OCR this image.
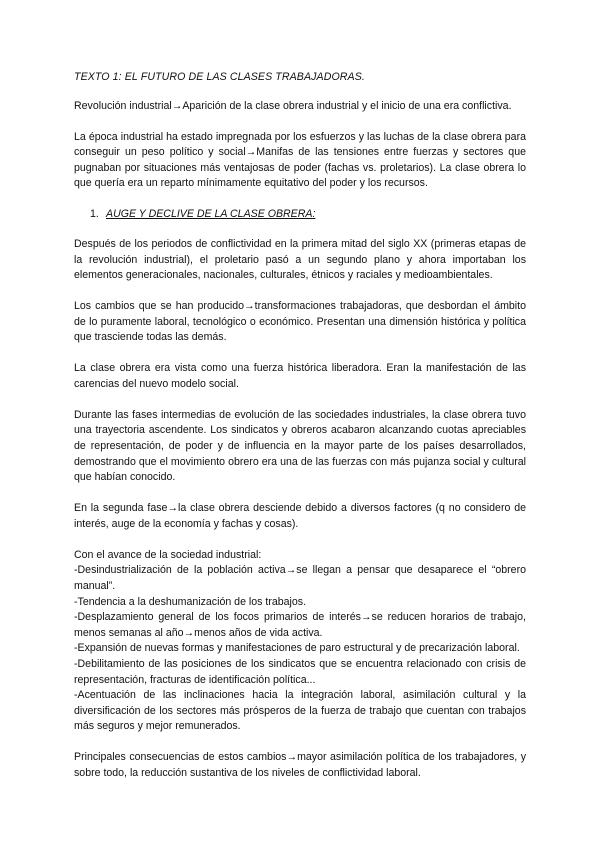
TEXTO 1: EL FUTURO DE LAS CLASES TRABAJADORAS.

Revolución industrial→Aparición de la clase obrera industrial y el inicio de una era conflictiva.

La época industrial ha estado impregnada por los esfuerzos y las luchas de la clase obrera para conseguir un peso político y social→Manifas de las tensiones entre fuerzas y sectores que pugnaban por situaciones más ventajosas de poder (fachas vs. proletarios). La clase obrera lo que quería era un reparto mínimamente equitativo del poder y los recursos.

1. AUGE Y DECLIVE DE LA CLASE OBRERA:

Después de los periodos de conflictividad en la primera mitad del siglo XX (primeras etapas de la revolución industrial), el proletario pasó a un segundo plano y ahora importaban los elementos generacionales, nacionales, culturales, étnicos y raciales y medioambientales.

Los cambios que se han producido→transformaciones trabajadoras, que desbordan el ámbito de lo puramente laboral, tecnológico o económico. Presentan una dimensión histórica y política que trasciende todas las demás.

La clase obrera era vista como una fuerza histórica liberadora. Eran la manifestación de las carencias del nuevo modelo social.

Durante las fases intermedias de evolución de las sociedades industriales, la clase obrera tuvo una trayectoria ascendente. Los sindicatos y obreros acabaron alcanzando cuotas apreciables de representación, de poder y de influencia en la mayor parte de los países desarrollados, demostrando que el movimiento obrero era una de las fuerzas con más pujanza social y cultural que habían conocido.

En la segunda fase→la clase obrera desciende debido a diversos factores (q no considero de interés, auge de la economía y fachas y cosas).

Con el avance de la sociedad industrial:

-Desindustrialización de la población activa→se llegan a pensar que desaparece el “obrero manual”.

-Tendencia a la deshumanización de los trabajos.

-Desplazamiento general de los focos primarios de interés→se reducen horarios de trabajo, menos semanas al año→menos años de vida activa.

-Expansión de nuevas formas y manifestaciones de paro estructural y de precarización laboral.

-Debilitamiento de las posiciones de los sindicatos que se encuentra relacionado con crisis de representación, fracturas de identificación política...

-Acentuación de las inclinaciones hacia la integración laboral, asimilación cultural y la diversificación de los sectores más prósperos de la fuerza de trabajo que cuentan con trabajos más seguros y mejor remunerados.

Principales consecuencias de estos cambios→mayor asimilación política de los trabajadores, y sobre todo, la reducción sustantiva de los niveles de conflictividad laboral.
